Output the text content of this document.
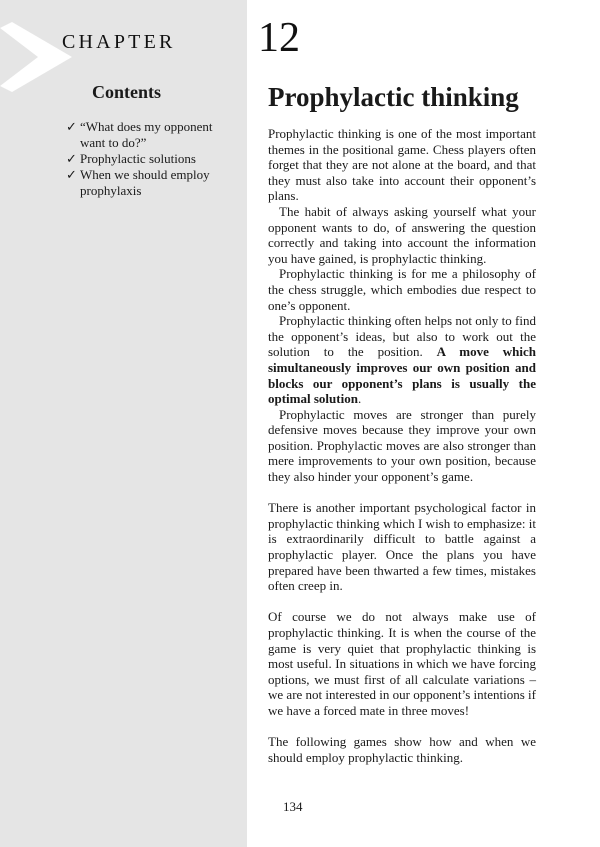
CHAPTER 12
Contents
✓ “What does my opponent want to do?”
✓ Prophylactic solutions
✓ When we should employ prophylaxis
Prophylactic thinking

Prophylactic thinking is one of the most important themes in the positional game. Chess players often forget that they are not alone at the board, and that they must also take into account their opponent’s plans.

The habit of always asking yourself what your opponent wants to do, of answering the question correctly and taking into account the information you have gained, is prophylactic thinking.

Prophylactic thinking is for me a philosophy of the chess struggle, which embodies due respect to one’s opponent.

Prophylactic thinking often helps not only to find the opponent’s ideas, but also to work out the solution to the position. A move which simultaneously improves our own position and blocks our opponent’s plans is usually the optimal solution.

Prophylactic moves are stronger than purely defensive moves because they improve your own position. Prophylactic moves are also stronger than mere improvements to your own position, because they also hinder your opponent’s game.

There is another important psychological factor in prophylactic thinking which I wish to emphasize: it is extraordinarily difficult to battle against a prophylactic player. Once the plans you have prepared have been thwarted a few times, mistakes often creep in.

Of course we do not always make use of prophylactic thinking. It is when the course of the game is very quiet that prophylactic thinking is most useful. In situations in which we have forcing options, we must first of all calculate variations – we are not interested in our opponent’s intentions if we have a forced mate in three moves!

The following games show how and when we should employ prophylactic thinking.

134
